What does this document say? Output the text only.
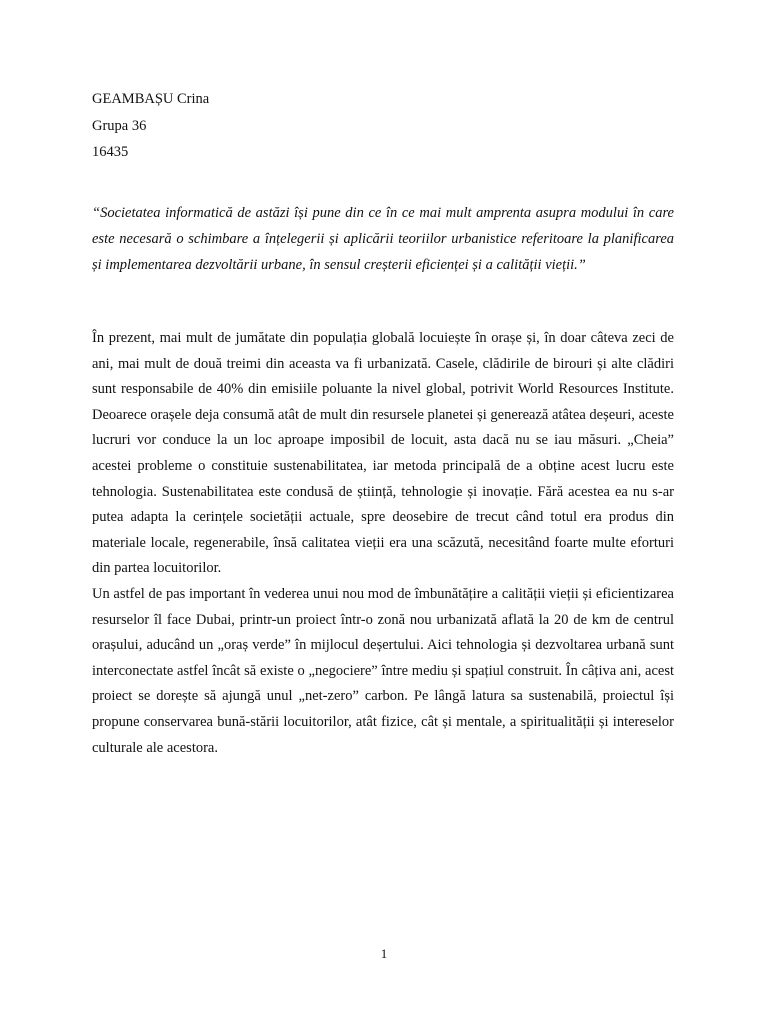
GEAMBAȘU Crina
Grupa 36
16435

“Societatea informatică de astăzi își pune din ce în ce mai mult amprenta asupra modului în care este necesară o schimbare a înțelegerii și aplicării teoriilor urbanistice referitoare la planificarea și implementarea dezvoltării urbane, în sensul creșterii eficienței și a calității vieții.”

În prezent, mai mult de jumătate din populația globală locuiește în orașe și, în doar câteva zeci de ani, mai mult de două treimi din aceasta va fi urbanizată. Casele, clădirile de birouri și alte clădiri sunt responsabile de 40% din emisiile poluante la nivel global, potrivit World Resources Institute. Deoarece orașele deja consumă atât de mult din resursele planetei și generează atâtea deșeuri, aceste lucruri vor conduce la un loc aproape imposibil de locuit, asta dacă nu se iau măsuri. „Cheia” acestei probleme o constituie sustenabilitatea, iar metoda principală de a obține acest lucru este tehnologia. Sustenabilitatea este condusă de știință, tehnologie și inovație. Fără acestea ea nu s-ar putea adapta la cerințele societății actuale, spre deosebire de trecut când totul era produs din materiale locale, regenerabile, însă calitatea vieții era una scăzută, necesitând foarte multe eforturi din partea locuitorilor.

Un astfel de pas important în vederea unui nou mod de îmbunătățire a calității vieții și eficientizarea resurselor îl face Dubai, printr-un proiect într-o zonă nou urbanizată aflată la 20 de km de centrul orașului, aducând un „oraș verde” în mijlocul deșertului. Aici tehnologia și dezvoltarea urbană sunt interconectate astfel încât să existe o „negociere” între mediu și spațiul construit. În câțiva ani, acest proiect se dorește să ajungă unul „net-zero” carbon. Pe lângă latura sa sustenabilă, proiectul își propune conservarea bună-stării locuitorilor, atât fizice, cât și mentale, a spiritualității și intereselor culturale ale acestora.

1
